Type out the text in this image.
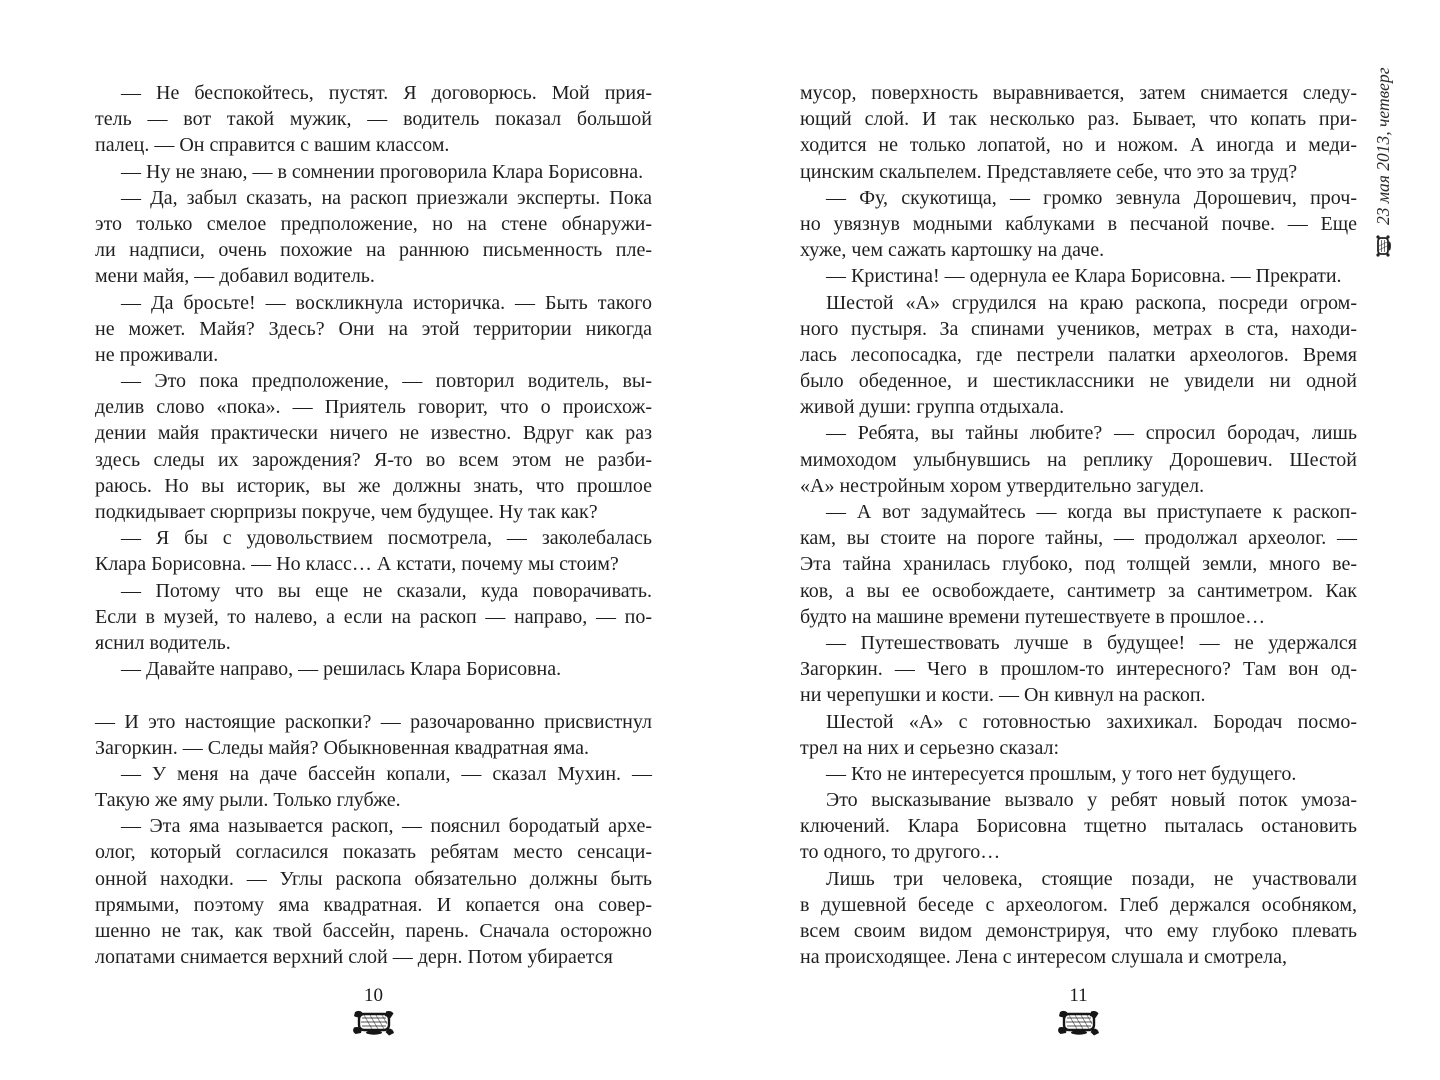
— Не беспокойтесь, пустят. Я договорюсь. Мой прия-
тель — вот такой мужик, — водитель показал большой
палец. — Он справится с вашим классом.
— Ну не знаю, — в сомнении проговорила Клара Борисовна.
— Да, забыл сказать, на раскоп приезжали эксперты. Пока
это только смелое предположение, но на стене обнаружи-
ли надписи, очень похожие на раннюю письменность пле-
мени майя, — добавил водитель.
— Да бросьте! — воскликнула историчка. — Быть такого
не может. Майя? Здесь? Они на этой территории никогда
не проживали.
— Это пока предположение, — повторил водитель, вы-
делив слово «пока». — Приятель говорит, что о происхож-
дении майя практически ничего не известно. Вдруг как раз
здесь следы их зарождения? Я-то во всем этом не разби-
раюсь. Но вы историк, вы же должны знать, что прошлое
подкидывает сюрпризы покруче, чем будущее. Ну так как?
— Я бы с удовольствием посмотрела, — заколебалась
Клара Борисовна. — Но класс… А кстати, почему мы стоим?
— Потому что вы еще не сказали, куда поворачивать.
Если в музей, то налево, а если на раскоп — направо, — по-
яснил водитель.
— Давайте направо, — решилась Клара Борисовна.
— И это настоящие раскопки? — разочарованно присвистнул
Загоркин. — Следы майя? Обыкновенная квадратная яма.
— У меня на даче бассейн копали, — сказал Мухин. —
Такую же яму рыли. Только глубже.
— Эта яма называется раскоп, — пояснил бородатый архе-
олог, который согласился показать ребятам место сенсаци-
онной находки. — Углы раскопа обязательно должны быть
прямыми, поэтому яма квадратная. И копается она совер-
шенно не так, как твой бассейн, парень. Сначала осторожно
лопатами снимается верхний слой — дерн. Потом убирается
10
мусор, поверхность выравнивается, затем снимается следу-
ющий слой. И так несколько раз. Бывает, что копать при-
ходится не только лопатой, но и ножом. А иногда и меди-
цинским скальпелем. Представляете себе, что это за труд?
— Фу, скукотища, — громко зевнула Дорошевич, проч-
но увязнув модными каблуками в песчаной почве. — Еще
хуже, чем сажать картошку на даче.
— Кристина! — одернула ее Клара Борисовна. — Прекрати.
Шестой «А» сгрудился на краю раскопа, посреди огром-
ного пустыря. За спинами учеников, метрах в ста, находи-
лась лесопосадка, где пестрели палатки археологов. Время
было обеденное, и шестиклассники не увидели ни одной
живой души: группа отдыхала.
— Ребята, вы тайны любите? — спросил бородач, лишь
мимоходом улыбнувшись на реплику Дорошевич. Шестой
«А» нестройным хором утвердительно загудел.
— А вот задумайтесь — когда вы приступаете к раскоп-
кам, вы стоите на пороге тайны, — продолжал археолог. —
Эта тайна хранилась глубоко, под толщей земли, много ве-
ков, а вы ее освобождаете, сантиметр за сантиметром. Как
будто на машине времени путешествуете в прошлое…
— Путешествовать лучше в будущее! — не удержался
Загоркин. — Чего в прошлом-то интересного? Там вон од-
ни черепушки и кости. — Он кивнул на раскоп.
Шестой «А» с готовностью захихикал. Бородач посмо-
трел на них и серьезно сказал:
— Кто не интересуется прошлым, у того нет будущего.
Это высказывание вызвало у ребят новый поток умоза-
ключений. Клара Борисовна тщетно пыталась остановить
то одного, то другого…
Лишь три человека, стоящие позади, не участвовали
в душевной беседе с археологом. Глеб держался особняком,
всем своим видом демонстрируя, что ему глубоко плевать
на происходящее. Лена с интересом слушала и смотрела,
11
23 мая 2013, четверг
